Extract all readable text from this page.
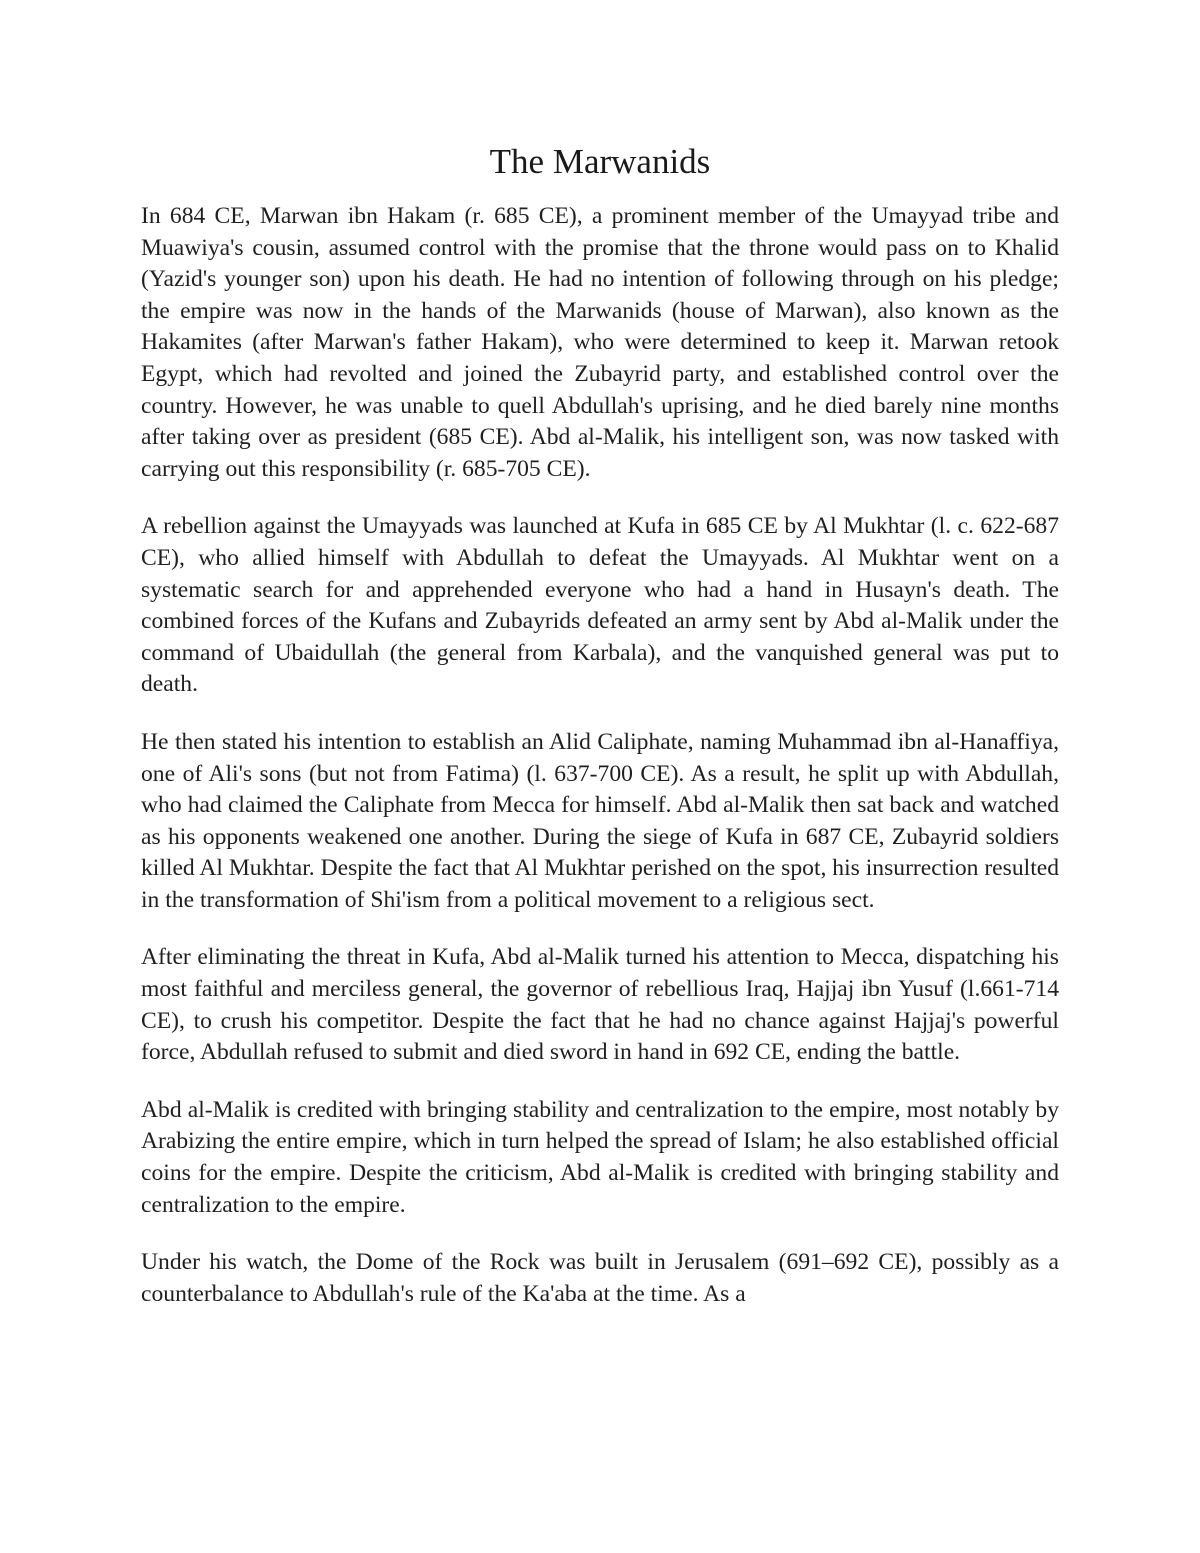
The Marwanids

In 684 CE, Marwan ibn Hakam (r. 685 CE), a prominent member of the Umayyad tribe and Muawiya's cousin, assumed control with the promise that the throne would pass on to Khalid (Yazid's younger son) upon his death. He had no intention of following through on his pledge; the empire was now in the hands of the Marwanids (house of Marwan), also known as the Hakamites (after Marwan's father Hakam), who were determined to keep it. Marwan retook Egypt, which had revolted and joined the Zubayrid party, and established control over the country. However, he was unable to quell Abdullah's uprising, and he died barely nine months after taking over as president (685 CE). Abd al-Malik, his intelligent son, was now tasked with carrying out this responsibility (r. 685-705 CE).

A rebellion against the Umayyads was launched at Kufa in 685 CE by Al Mukhtar (l. c. 622-687 CE), who allied himself with Abdullah to defeat the Umayyads. Al Mukhtar went on a systematic search for and apprehended everyone who had a hand in Husayn's death. The combined forces of the Kufans and Zubayrids defeated an army sent by Abd al-Malik under the command of Ubaidullah (the general from Karbala), and the vanquished general was put to death.

He then stated his intention to establish an Alid Caliphate, naming Muhammad ibn al-Hanaffiya, one of Ali's sons (but not from Fatima) (l. 637-700 CE). As a result, he split up with Abdullah, who had claimed the Caliphate from Mecca for himself. Abd al-Malik then sat back and watched as his opponents weakened one another. During the siege of Kufa in 687 CE, Zubayrid soldiers killed Al Mukhtar. Despite the fact that Al Mukhtar perished on the spot, his insurrection resulted in the transformation of Shi'ism from a political movement to a religious sect.

After eliminating the threat in Kufa, Abd al-Malik turned his attention to Mecca, dispatching his most faithful and merciless general, the governor of rebellious Iraq, Hajjaj ibn Yusuf (l.661-714 CE), to crush his competitor. Despite the fact that he had no chance against Hajjaj's powerful force, Abdullah refused to submit and died sword in hand in 692 CE, ending the battle.

Abd al-Malik is credited with bringing stability and centralization to the empire, most notably by Arabizing the entire empire, which in turn helped the spread of Islam; he also established official coins for the empire. Despite the criticism, Abd al-Malik is credited with bringing stability and centralization to the empire.

Under his watch, the Dome of the Rock was built in Jerusalem (691–692 CE), possibly as a counterbalance to Abdullah's rule of the Ka'aba at the time. As a
